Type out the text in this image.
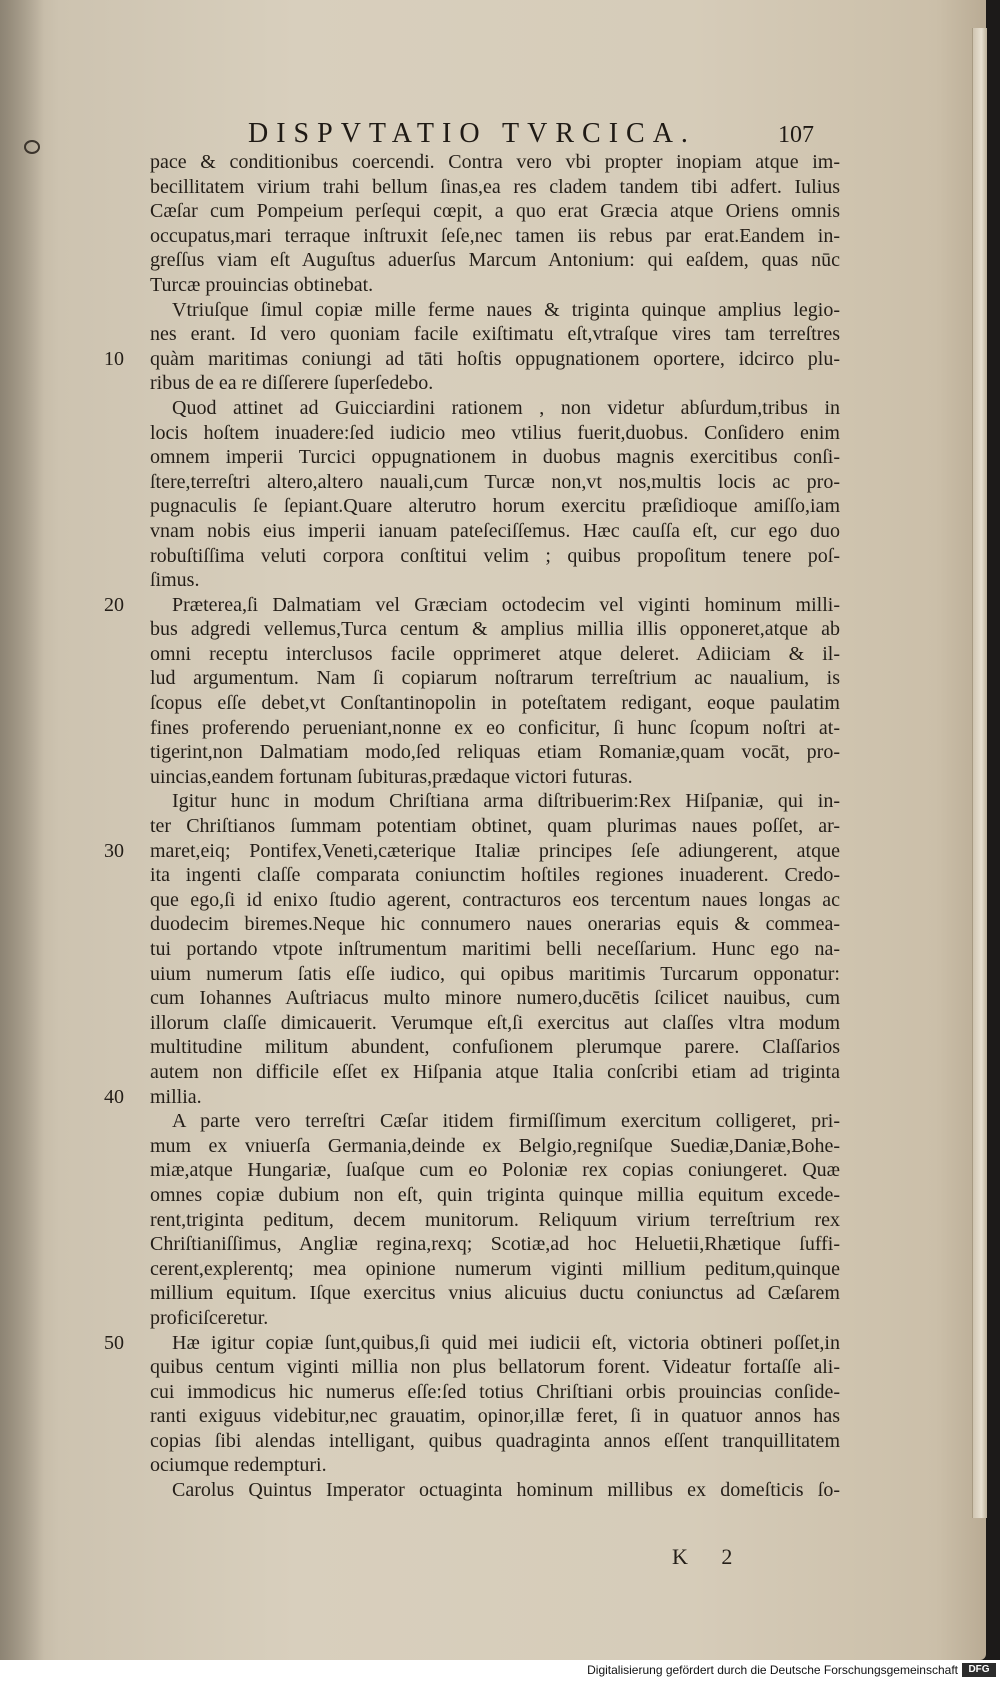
DISPVTATIO TVRCICA.	107
10
20
30
40
50
pace & conditionibus coercendi. Contra vero vbi propter inopiam atque im-
becillitatem virium trahi bellum ſinas,ea res cladem tandem tibi adfert. Iulius
Cæſar cum Pompeium perſequi cœpit, a quo erat Græcia atque Oriens omnis
occupatus,mari terraque inſtruxit ſeſe,nec tamen iis rebus par erat.Eandem in-
greſſus viam eſt Auguſtus aduerſus Marcum Antonium: qui eaſdem, quas nūc
Turcæ prouincias obtinebat.
Vtriuſque ſimul copiæ mille ferme naues & triginta quinque amplius legio-
nes erant. Id vero quoniam facile exiſtimatu eſt,vtraſque vires tam terreſtres
quàm maritimas coniungi ad tāti hoſtis oppugnationem oportere, idcirco plu-
ribus de ea re diſſerere ſuperſedebo.
Quod attinet ad Guicciardini rationem , non videtur abſurdum,tribus in
locis hoſtem inuadere:ſed iudicio meo vtilius fuerit,duobus. Conſidero enim
omnem imperii Turcici oppugnationem in duobus magnis exercitibus conſi-
ſtere,terreſtri altero,altero nauali,cum Turcæ non,vt nos,multis locis ac pro-
pugnaculis ſe ſepiant.Quare alterutro horum exercitu præſidioque amiſſo,iam
vnam nobis eius imperii ianuam pateſeciſſemus. Hæc cauſſa eſt, cur ego duo
robuſtiſſima veluti corpora conſtitui velim ; quibus propoſitum tenere poſ-
ſimus.
Præterea,ſi Dalmatiam vel Græciam octodecim vel viginti hominum milli-
bus adgredi vellemus,Turca centum & amplius millia illis opponeret,atque ab
omni receptu interclusos facile opprimeret atque deleret. Adiiciam & il-
lud argumentum. Nam ſi copiarum noſtrarum terreſtrium ac naualium, is
ſcopus eſſe debet,vt Conſtantinopolin in poteſtatem redigant, eoque paulatim
fines proferendo perueniant,nonne ex eo conficitur, ſi hunc ſcopum noſtri at-
tigerint,non Dalmatiam modo,ſed reliquas etiam Romaniæ,quam vocāt, pro-
uincias,eandem fortunam ſubituras,prædaque victori futuras.
Igitur hunc in modum Chriſtiana arma diſtribuerim:Rex Hiſpaniæ, qui in-
ter Chriſtianos ſummam potentiam obtinet, quam plurimas naues poſſet, ar-
maret,eiq; Pontifex,Veneti,cæterique Italiæ principes ſeſe adiungerent, atque
ita ingenti claſſe comparata coniunctim hoſtiles regiones inuaderent. Credo-
que ego,ſi id enixo ſtudio agerent, contracturos eos tercentum naues longas ac
duodecim biremes.Neque hic connumero naues onerarias equis & commea-
tui portando vtpote inſtrumentum maritimi belli neceſſarium. Hunc ego na-
uium numerum ſatis eſſe iudico, qui opibus maritimis Turcarum opponatur:
cum Iohannes Auſtriacus multo minore numero,ducētis ſcilicet nauibus, cum
illorum claſſe dimicauerit. Verumque eſt,ſi exercitus aut claſſes vltra modum
multitudine militum abundent, confuſionem plerumque parere. Claſſarios
autem non difficile eſſet ex Hiſpania atque Italia conſcribi etiam ad triginta
millia.
A parte vero terreſtri Cæſar itidem firmiſſimum exercitum colligeret, pri-
mum ex vniuerſa Germania,deinde ex Belgio,regniſque Suediæ,Daniæ,Bohe-
miæ,atque Hungariæ, ſuaſque cum eo Poloniæ rex copias coniungeret. Quæ
omnes copiæ dubium non eſt, quin triginta quinque millia equitum excede-
rent,triginta peditum, decem munitorum. Reliquum virium terreſtrium rex
Chriſtianiſſimus, Angliæ regina,rexq; Scotiæ,ad hoc Heluetii,Rhætique ſuffi-
cerent,explerentq; mea opinione numerum viginti millium peditum,quinque
millium equitum. Iſque exercitus vnius alicuius ductu coniunctus ad Cæſarem
proficiſceretur.
Hæ igitur copiæ ſunt,quibus,ſi quid mei iudicii eſt, victoria obtineri poſſet,in
quibus centum viginti millia non plus bellatorum forent. Videatur fortaſſe ali-
cui immodicus hic numerus eſſe:ſed totius Chriſtiani orbis prouincias conſide-
ranti exiguus videbitur,nec grauatim, opinor,illæ feret, ſi in quatuor annos has
copias ſibi alendas intelligant, quibus quadraginta annos eſſent tranquillitatem
ociumque redempturi.
Carolus Quintus Imperator octuaginta hominum millibus ex domeſticis ſo-
K 2
Digitalisierung gefördert durch die Deutsche Forschungsgemeinschaft	DFG
